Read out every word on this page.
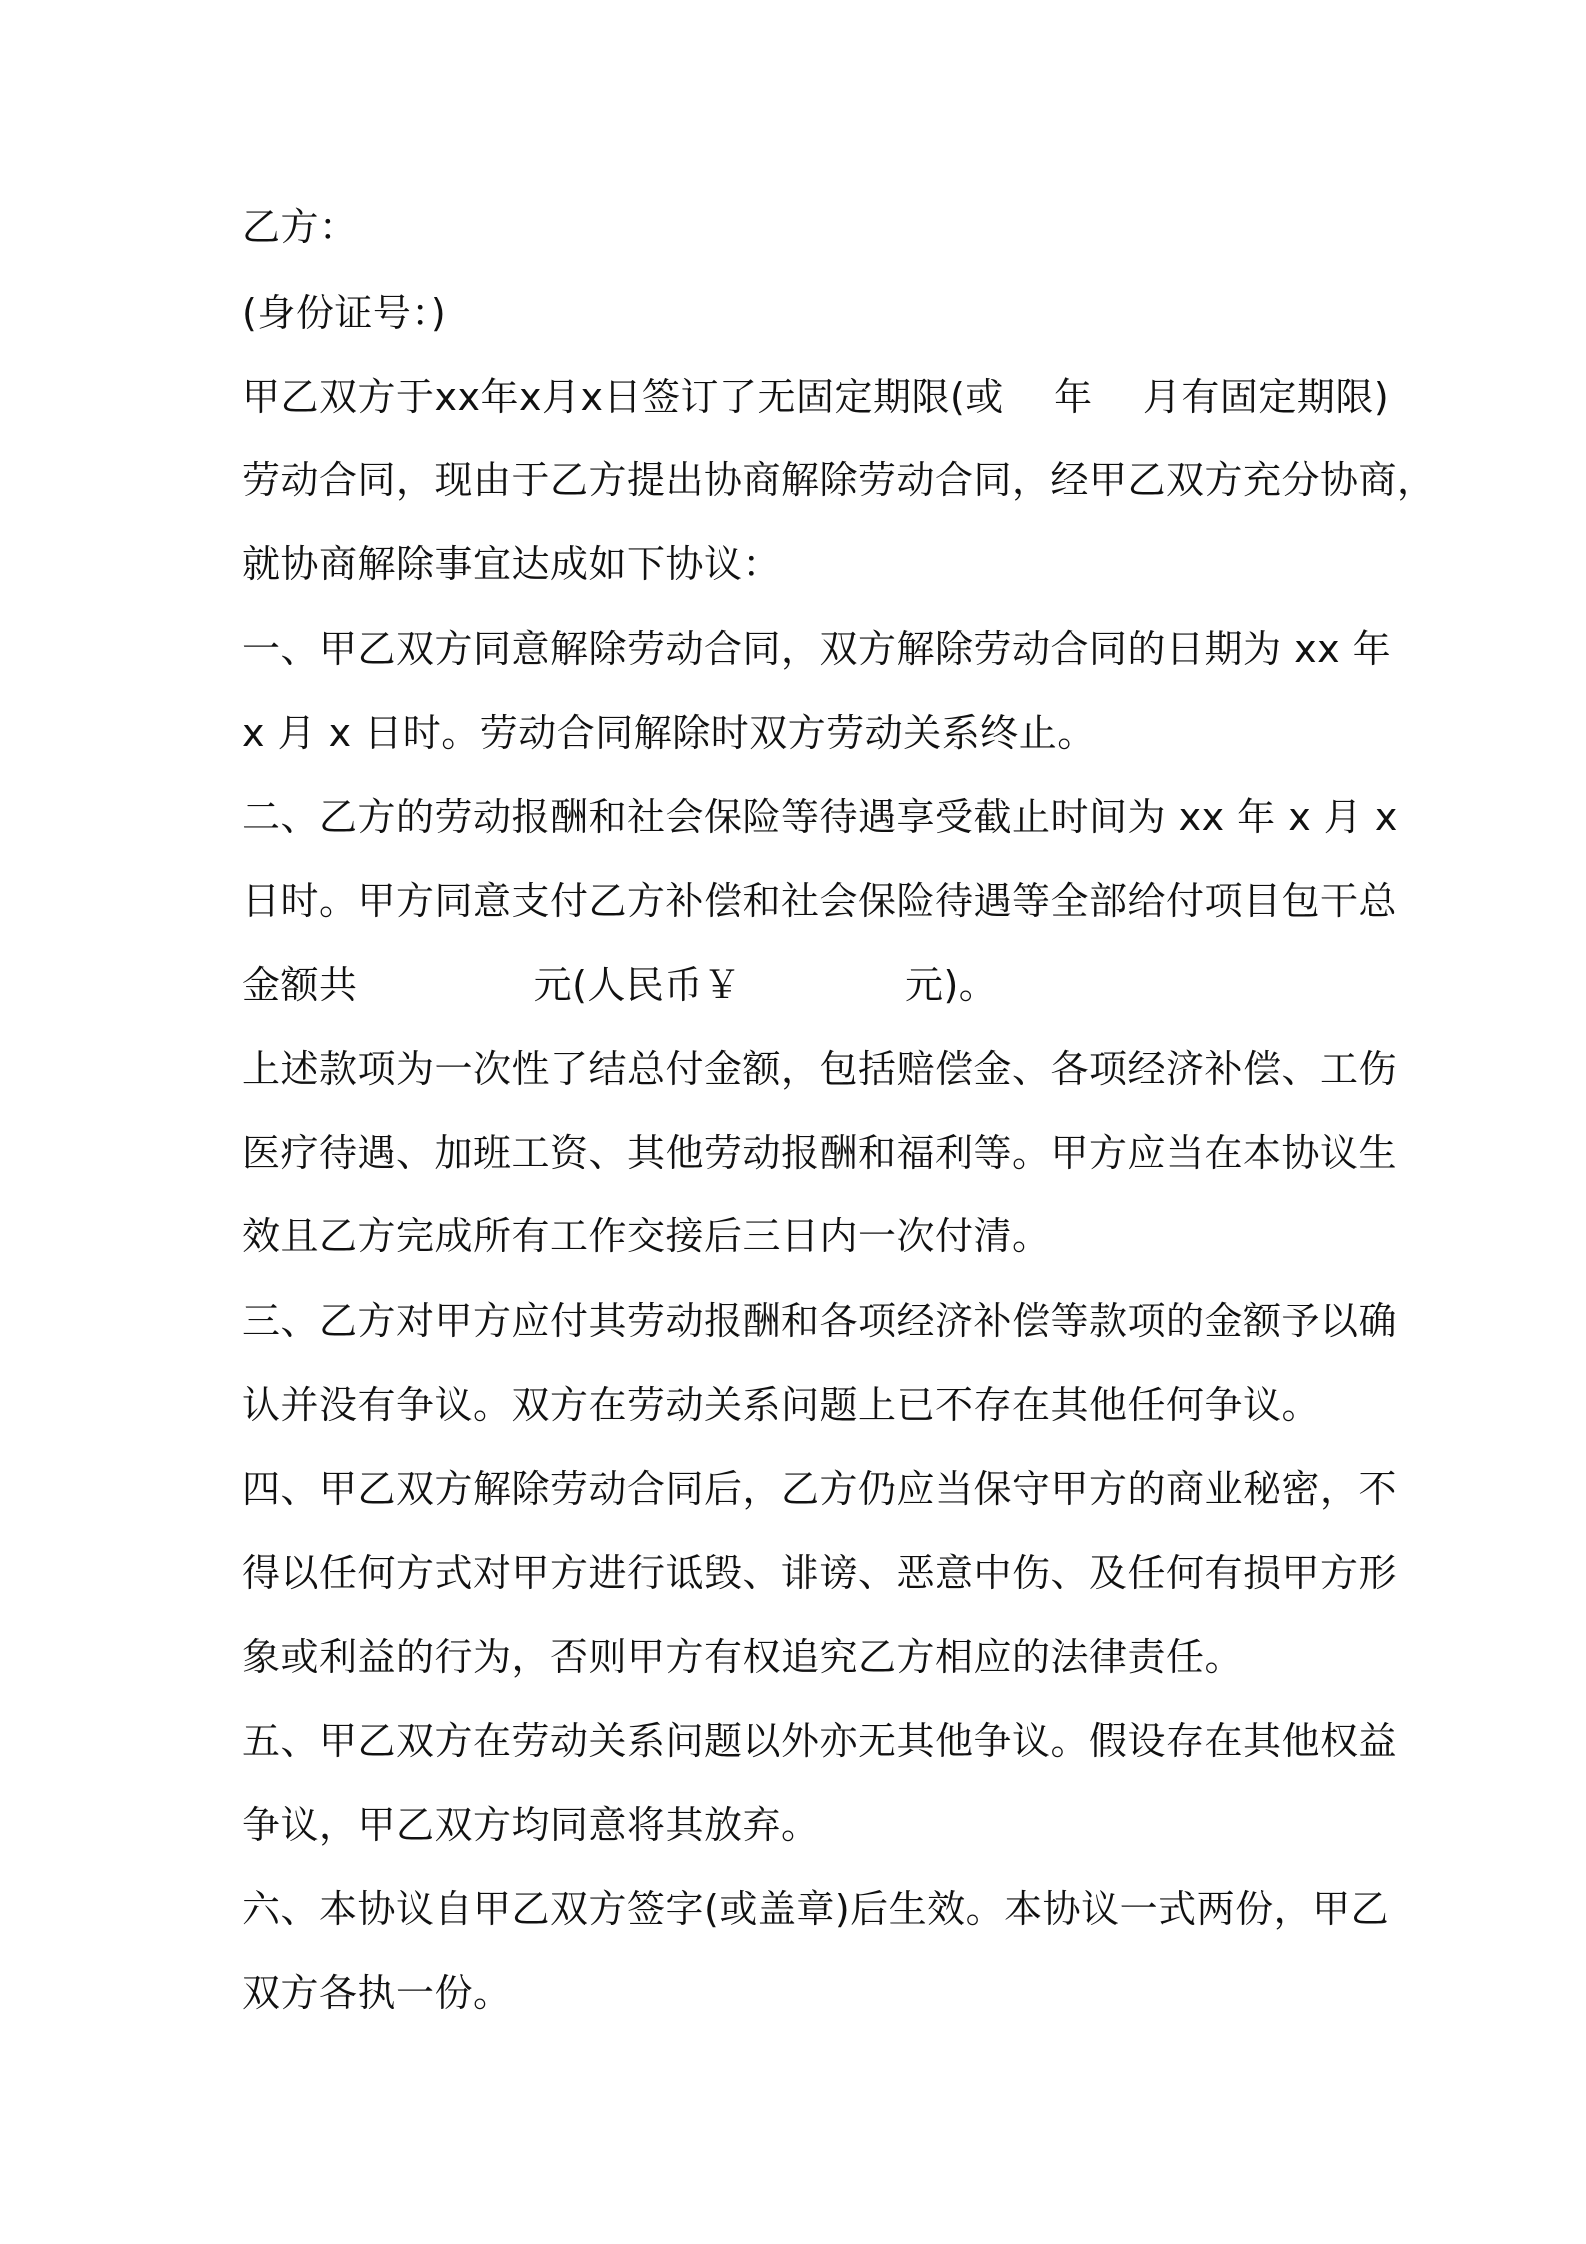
乙方：
(身份证号：)
甲乙双方于xx年x月x日签订了无固定期限(或    年    月有固定期限)
劳动合同，现由于乙方提出协商解除劳动合同，经甲乙双方充分协商，
就协商解除事宜达成如下协议：
一、甲乙双方同意解除劳动合同，双方解除劳动合同的日期为 xx 年
x 月 x 日时。劳动合同解除时双方劳动关系终止。
二、乙方的劳动报酬和社会保险等待遇享受截止时间为 xx 年 x 月 x
日时。甲方同意支付乙方补偿和社会保险待遇等全部给付项目包干总
金额共              元(人民币￥             元)。
上述款项为一次性了结总付金额，包括赔偿金、各项经济补偿、工伤
医疗待遇、加班工资、其他劳动报酬和福利等。甲方应当在本协议生
效且乙方完成所有工作交接后三日内一次付清。
三、乙方对甲方应付其劳动报酬和各项经济补偿等款项的金额予以确
认并没有争议。双方在劳动关系问题上已不存在其他任何争议。
四、甲乙双方解除劳动合同后，乙方仍应当保守甲方的商业秘密，不
得以任何方式对甲方进行诋毁、诽谤、恶意中伤、及任何有损甲方形
象或利益的行为，否则甲方有权追究乙方相应的法律责任。
五、甲乙双方在劳动关系问题以外亦无其他争议。假设存在其他权益
争议，甲乙双方均同意将其放弃。
六、本协议自甲乙双方签字(或盖章)后生效。本协议一式两份，甲乙
双方各执一份。
